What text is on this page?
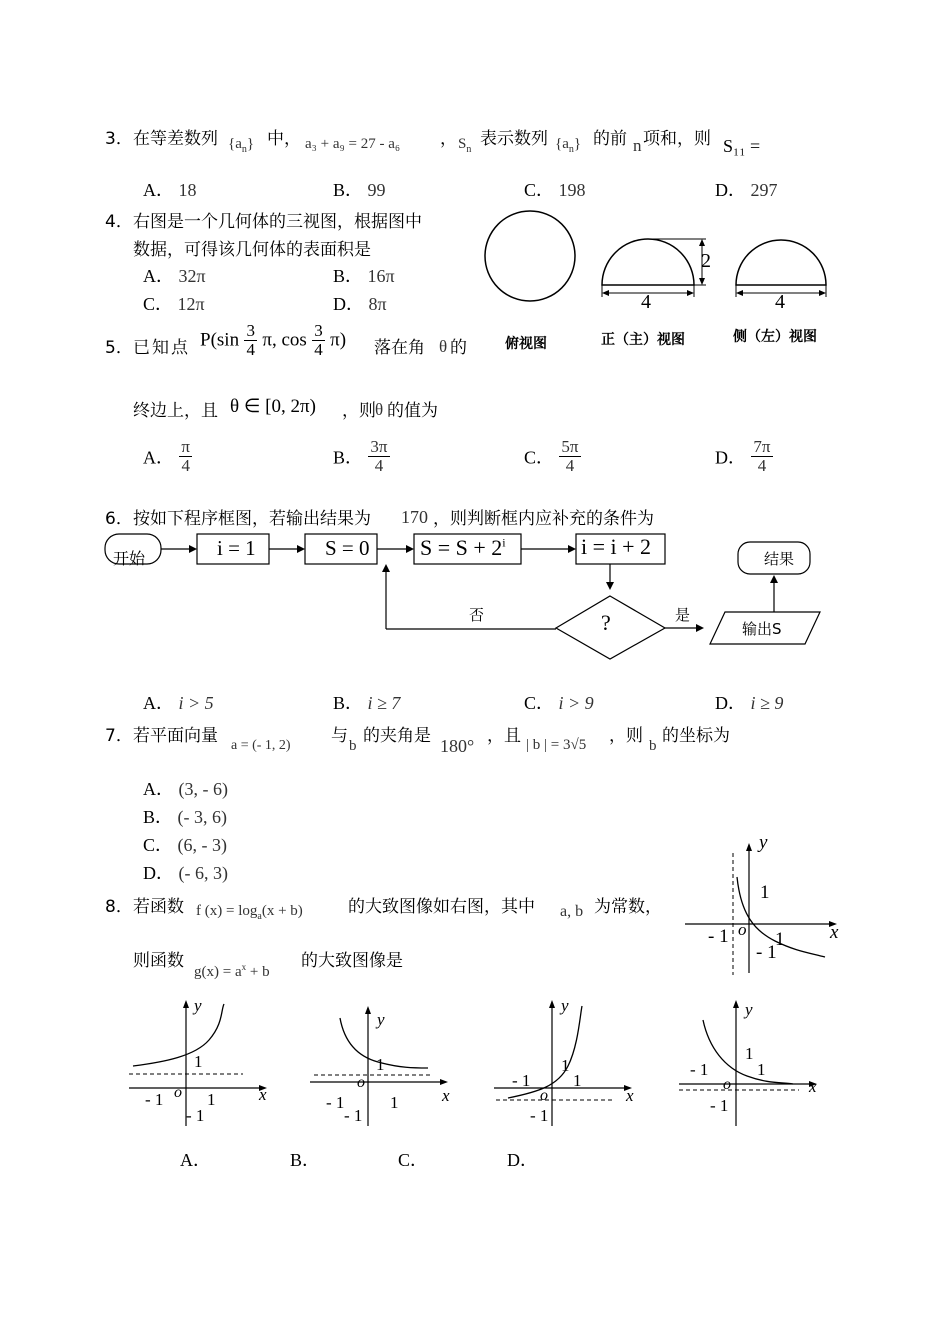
3． 在等差数列 $\{a_n\}$ 中， a₃ + a₉ = 27 - a₆ ， $S_n$
表示数列 $\{a_n\}$ 的前 n 项和，则 S₁₁ =
A． 18	B． 99	C． 198	D． 297
4． 右图是一个几何体的三视图，根据图中
数据，可得该几何体的表面积是
A． 32π	B． 16π
C． 12π	D． 8π
2
4	4
俯视图	正（主）视图	侧（左）视图
5． 已知点 $P(\sin \frac{3}{4} \pi$, $\cos \frac{3}{4} \pi$) 落在角 θ 的
终边上，且 θ ∈ [0, 2π) ，则 θ 的值为
A． $\frac{\pi}{4}$	B． $\frac{3\pi}{4}$	C． $\frac{5\pi}{4}$	D． $\frac{7\pi}{4}$
6． 按如下程序框图，若输出结果为 170 ，则判断框内应补充的条件为
开始	i = 1	S = 0 $S = S + 2^i$	i = i + 2
?
否	是
输出S
结果
A． i > 5	B． i ≥ 7	C． i > 9	D． i ≥ 9
7． 若平面向量 a = (- 1, 2) 与 b 的夹角是 180° ，且 | b | = 3√5 ，则 b 的坐标为
A． (3, - 6)
B． (- 3, 6)
C． (6, - 3)
D． (- 6, 3)
y
1
x
- 1 o 1
- 1
8． 若函数 f $(x) = \log_a(x + b)$	的大致图像如右图，其中 a, b 为常数，
则函数
$g(x) = a^x + b$
的大致图像是
y
1
x
- 1 o 1
- 1
y
1
x
- 1
o
1
- 1
y
1
x
- 1
o
1
- 1
y
1
x
- 1
o
1
- 1
A．	B．	C．	D．
